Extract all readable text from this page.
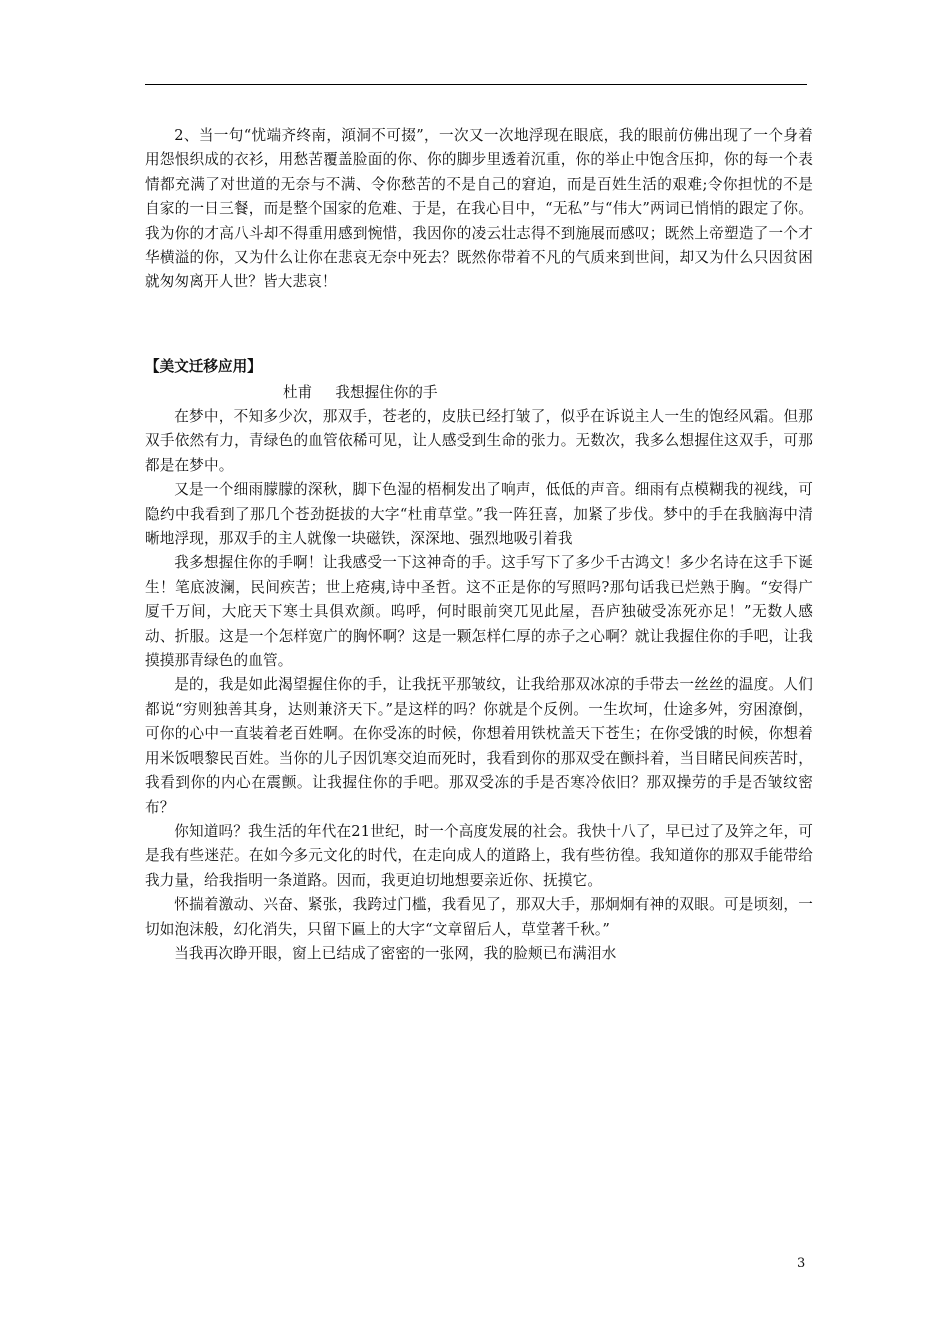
2、当一句“忧端齐终南，澒洞不可掇”，一次又一次地浮现在眼底，我的眼前仿佛出现了一个身着用怨恨织成的衣衫，用愁苦覆盖脸面的你、你的脚步里透着沉重，你的举止中饱含压抑，你的每一个表情都充满了对世道的无奈与不满、令你愁苦的不是自己的窘迫，而是百姓生活的艰难;令你担忧的不是自家的一日三餐，而是整个国家的危难、于是，在我心目中，“无私”与“伟大”两词已悄悄的跟定了你。我为你的才高八斗却不得重用感到惋惜，我因你的凌云壮志得不到施展而感叹；既然上帝塑造了一个才华横溢的你，又为什么让你在悲哀无奈中死去？既然你带着不凡的气质来到世间，却又为什么只因贫困就匆匆离开人世？皆大悲哀！

【美文迁移应用】
杜甫     我想握住你的手

在梦中，不知多少次，那双手，苍老的，皮肤已经打皱了，似乎在诉说主人一生的饱经风霜。但那双手依然有力，青绿色的血管依稀可见，让人感受到生命的张力。无数次，我多么想握住这双手，可那都是在梦中。

又是一个细雨朦朦的深秋，脚下色湿的梧桐发出了响声，低低的声音。细雨有点模糊我的视线，可隐约中我看到了那几个苍劲挺拔的大字“杜甫草堂。”我一阵狂喜，加紧了步伐。梦中的手在我脑海中清晰地浮现，那双手的主人就像一块磁铁，深深地、强烈地吸引着我

我多想握住你的手啊！让我感受一下这神奇的手。这手写下了多少千古鸿文！多少名诗在这手下诞生！笔底波澜，民间疾苦；世上疮痍,诗中圣哲。这不正是你的写照吗?那句话我已烂熟于胸。“安得广厦千万间，大庇天下寒士具俱欢颜。呜呼，何时眼前突兀见此屋，吾庐独破受冻死亦足！”无数人感动、折服。这是一个怎样宽广的胸怀啊？这是一颗怎样仁厚的赤子之心啊？就让我握住你的手吧，让我摸摸那青绿色的血管。

是的，我是如此渴望握住你的手，让我抚平那皱纹，让我给那双冰凉的手带去一丝丝的温度。人们都说“穷则独善其身，达则兼济天下。”是这样的吗？你就是个反例。一生坎坷，仕途多舛，穷困潦倒，可你的心中一直装着老百姓啊。在你受冻的时候，你想着用铁枕盖天下苍生；在你受饿的时候，你想着用米饭喂黎民百姓。当你的儿子因饥寒交迫而死时，我看到你的那双受在颤抖着，当目睹民间疾苦时，我看到你的内心在震颤。让我握住你的手吧。那双受冻的手是否寒冷依旧？那双操劳的手是否皱纹密布？

你知道吗？我生活的年代在21世纪，时一个高度发展的社会。我快十八了，早已过了及笄之年，可是我有些迷茫。在如今多元文化的时代，在走向成人的道路上，我有些彷徨。我知道你的那双手能带给我力量，给我指明一条道路。因而，我更迫切地想要亲近你、抚摸它。

怀揣着激动、兴奋、紧张，我跨过门槛，我看见了，那双大手，那炯炯有神的双眼。可是顷刻，一切如泡沫般，幻化消失，只留下匾上的大字“文章留后人，草堂著千秋。”

当我再次睁开眼，窗上已结成了密密的一张网，我的脸颊已布满泪水

3
